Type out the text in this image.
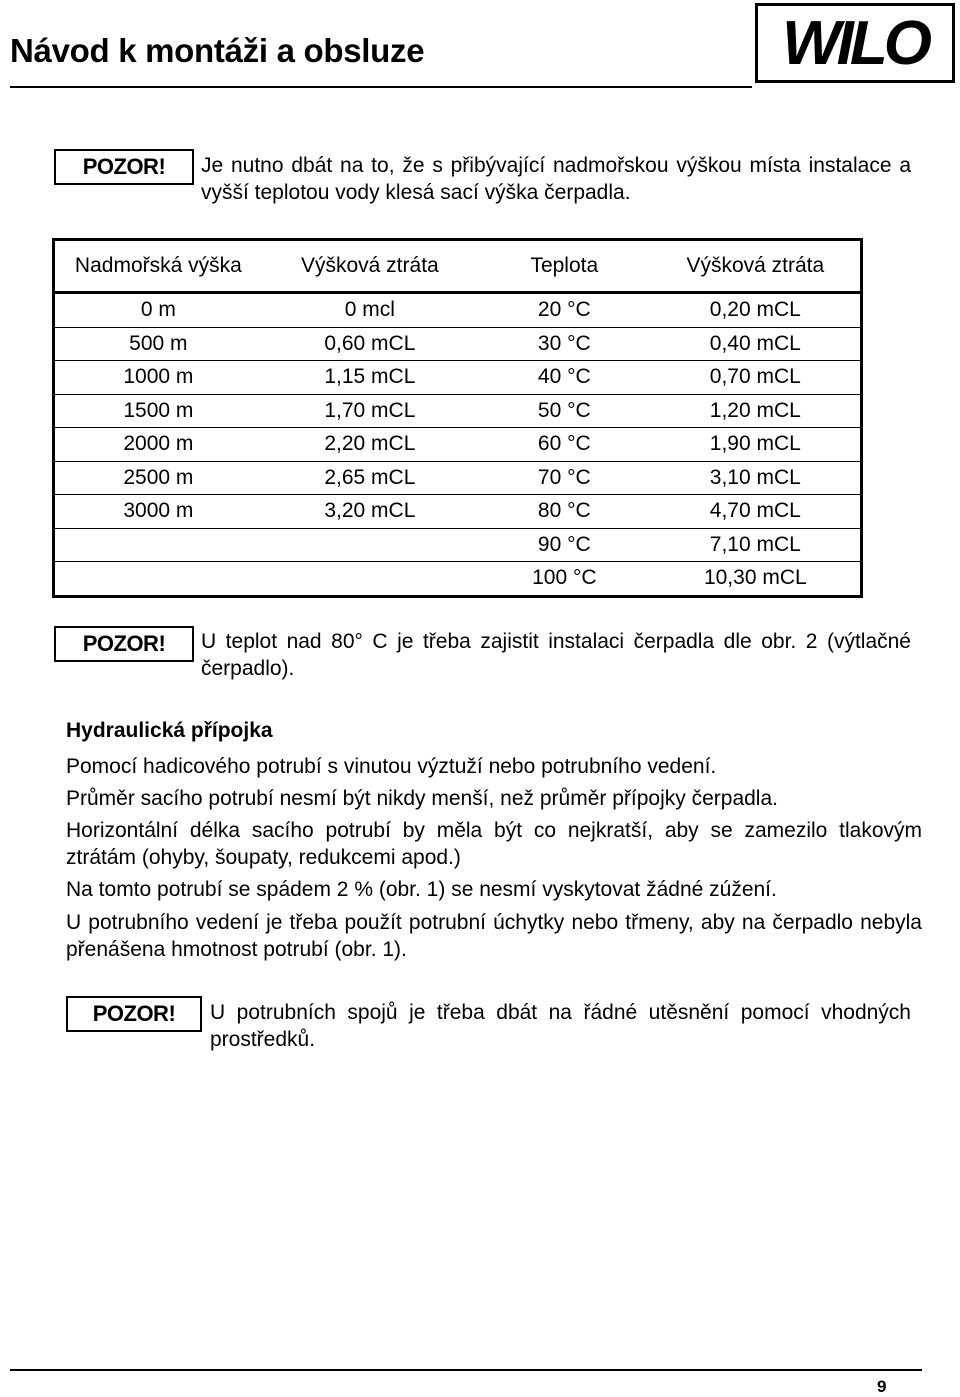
Návod k montáži a obsluze	WILO
POZOR!	Je nutno dbát na to, že s přibývající nadmořskou výškou místa instalace a vyšší teplotou vody klesá sací výška čerpadla.
Nadmořská výška	Výšková ztráta	Teplota	Výšková ztráta
0 m	0 mcl	20 °C	0,20 mCL
500 m	0,60 mCL	30 °C	0,40 mCL
1000 m	1,15 mCL	40 °C	0,70 mCL
1500 m	1,70 mCL	50 °C	1,20 mCL
2000 m	2,20 mCL	60 °C	1,90 mCL
2500 m	2,65 mCL	70 °C	3,10 mCL
3000 m	3,20 mCL	80 °C	4,70 mCL
		90 °C	7,10 mCL
		100 °C	10,30 mCL
POZOR!	U teplot nad 80° C je třeba zajistit instalaci čerpadla dle obr. 2 (výtlačné čerpadlo).
Hydraulická přípojka
Pomocí hadicového potrubí s vinutou výztuží nebo potrubního vedení.
Průměr sacího potrubí nesmí být nikdy menší, než průměr přípojky čerpadla.
Horizontální délka sacího potrubí by měla být co nejkratší, aby se zamezilo tlakovým ztrátám (ohyby, šoupaty, redukcemi apod.)
Na tomto potrubí se spádem 2 % (obr. 1) se nesmí vyskytovat žádné zúžení.
U potrubního vedení je třeba použít potrubní úchytky nebo třmeny, aby na čerpadlo nebyla přenášena hmotnost potrubí (obr. 1).
POZOR!	U potrubních spojů je třeba dbát na řádné utěsnění pomocí vhodných prostředků.
9
